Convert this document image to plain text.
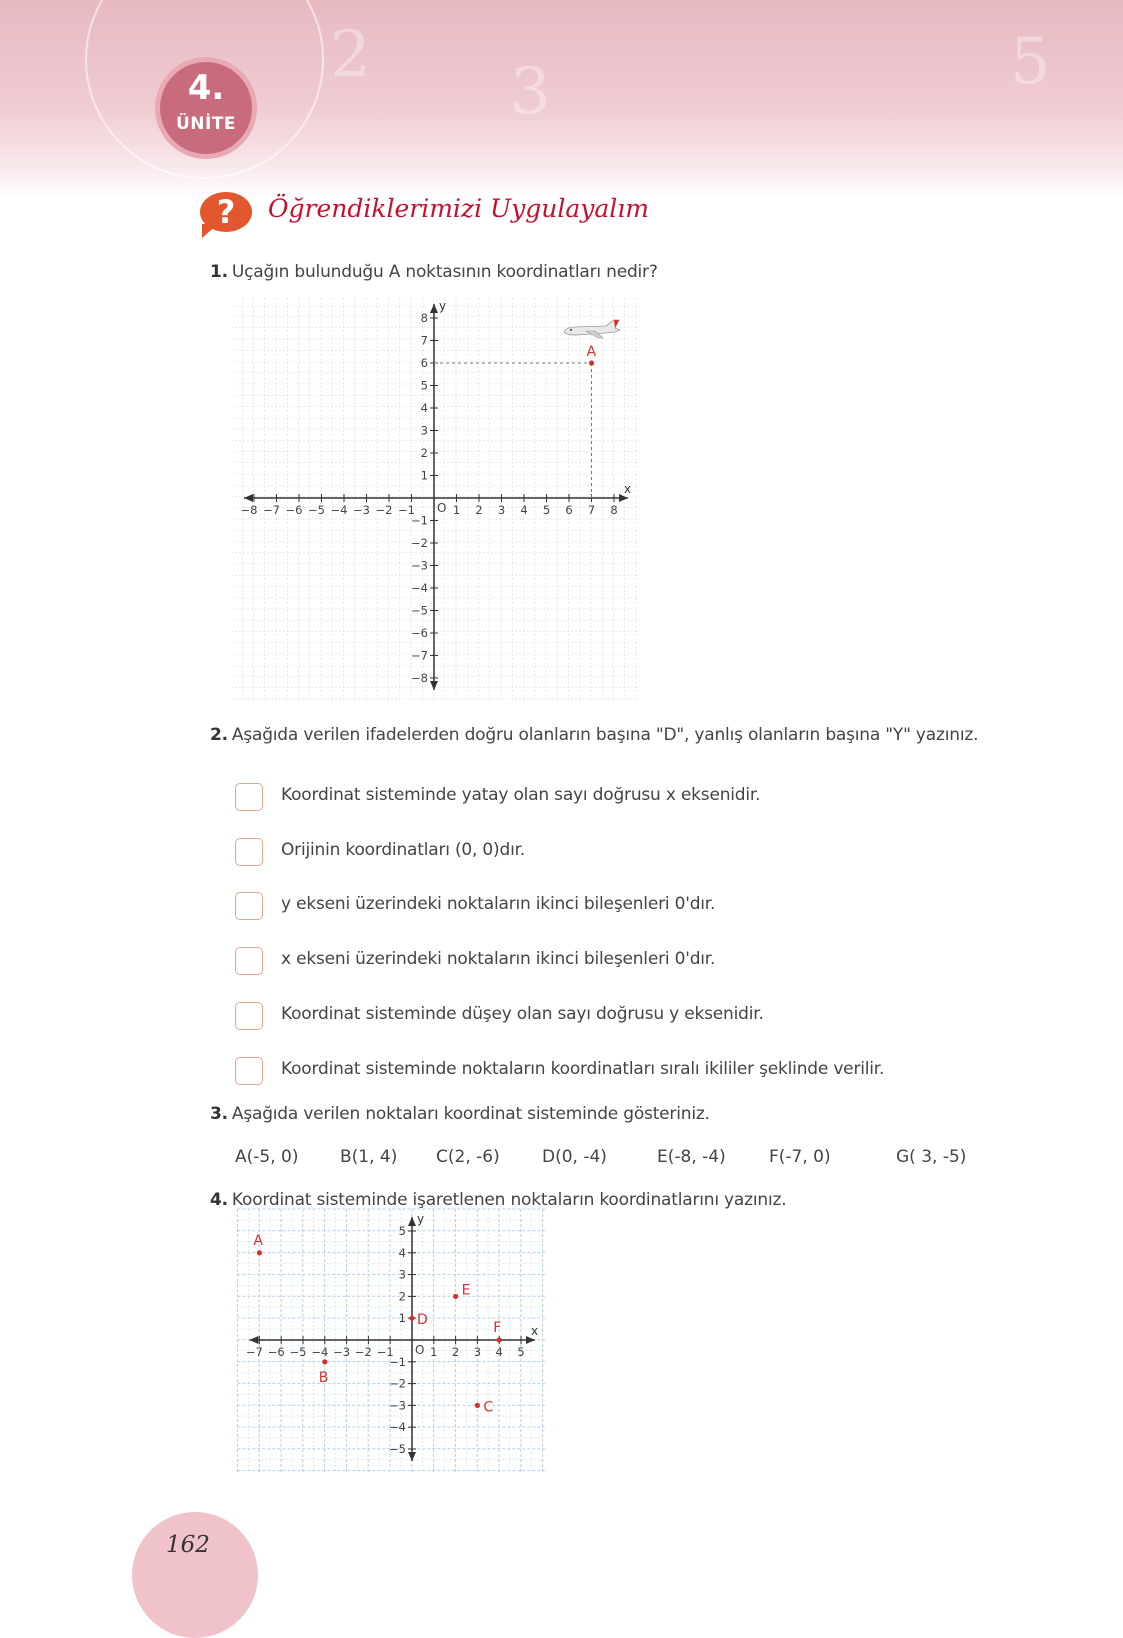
2 3	5
4.
ÜNİTE
?	Öğrendiklerimizi Uygulayalım
1. Uçağın bulunduğu A noktasının koordinatları nedir?
x
y
O
−8 −7 −6 −5 −4 −3 −2 −1	1 2 3 4 5 6 7 8
8
7
6
5
4
3
2
1
−1
−2
−3
−4
−5
−6
−7
−8
A
2. Aşağıda verilen ifadelerden doğru olanların başına "D", yanlış olanların başına "Y" yazınız.
Koordinat sisteminde yatay olan sayı doğrusu x eksenidir.
Orijinin koordinatları (0, 0)dır.
y ekseni üzerindeki noktaların ikinci bileşenleri 0'dır.
x ekseni üzerindeki noktaların ikinci bileşenleri 0'dır.
Koordinat sisteminde düşey olan sayı doğrusu y eksenidir.
Koordinat sisteminde noktaların koordinatları sıralı ikililer şeklinde verilir.
3. Aşağıda verilen noktaları koordinat sisteminde gösteriniz.
A(-5, 0) B(1, 4) C(2, -6) D(0, -4)	E(-8, -4)	F(-7, 0)	G( 3, -5)
4. Koordinat sisteminde işaretlenen noktaların koordinatlarını yazınız.
x
y
O
−7 −6 −5 −4 −3 −2 −1	1 2 3 4 5
5
4
3
2
1
−1
−2
−3
−4
−5
A
B
C
D
E
F
162
